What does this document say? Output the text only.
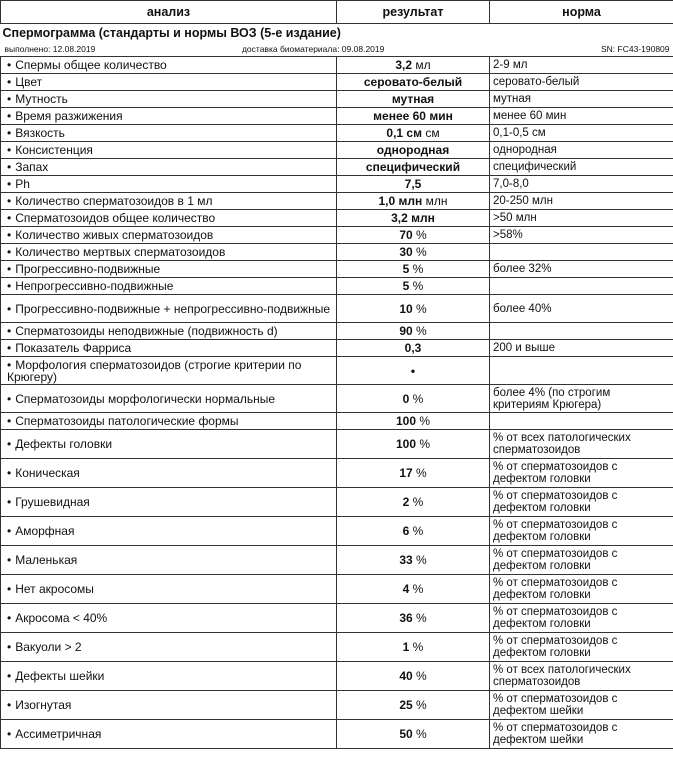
анализ	результат	норма
Спермограмма (стандарты и нормы ВОЗ (5-е издание)		

выполнено: 12.08.2019 доставка биоматериала: 09.08.2019 SN: FC43-190809		

• Спермы общее количество	3,2 мл	2-9 мл
• Цвет	серовато-белый	серовато-белый
• Мутность	мутная	мутная
• Время разжижения	менее 60 мин	менее 60 мин
• Вязкость	0,1 см см	0,1-0,5 см
• Консистенция	однородная	однородная
• Запах	специфический	специфический
• Ph	7,5	7,0-8,0
• Количество сперматозоидов в 1 мл	1,0 млн млн	20-250 млн
• Сперматозоидов общее количество	3,2 млн	>50 млн
• Количество живых сперматозоидов	70 %	>58%
• Количество мертвых сперматозоидов	30 %	
• Прогрессивно-подвижные	5 %	более 32%
• Непрогрессивно-подвижные	5 %	
• Прогрессивно-подвижные + непрогрессивно-подвижные	10 %	более 40%
• Сперматозоиды неподвижные (подвижность d)	90 %	
• Показатель Фарриса	0,3	200 и выше
• Морфология сперматозоидов (строгие критерии по Крюгеру)	•	
• Сперматозоиды морфологически нормальные	0 %	более 4% (по строгим критериям Крюгера)
• Сперматозоиды патологические формы	100 %	
• Дефекты головки	100 %	% от всех патологических сперматозоидов
• Коническая	17 %	% от сперматозоидов с дефектом головки
• Грушевидная	2 %	% от сперматозоидов с дефектом головки
• Аморфная	6 %	% от сперматозоидов с дефектом головки
• Маленькая	33 %	% от сперматозоидов с дефектом головки
• Нет акросомы	4 %	% от сперматозоидов с дефектом головки
• Акросома < 40%	36 %	% от сперматозоидов с дефектом головки
• Вакуоли > 2	1 %	% от сперматозоидов с дефектом головки
• Дефекты шейки	40 %	% от всех патологических сперматозоидов
• Изогнутая	25 %	% от сперматозоидов с дефектом шейки
• Ассиметричная	50 %	% от сперматозоидов с дефектом шейки
